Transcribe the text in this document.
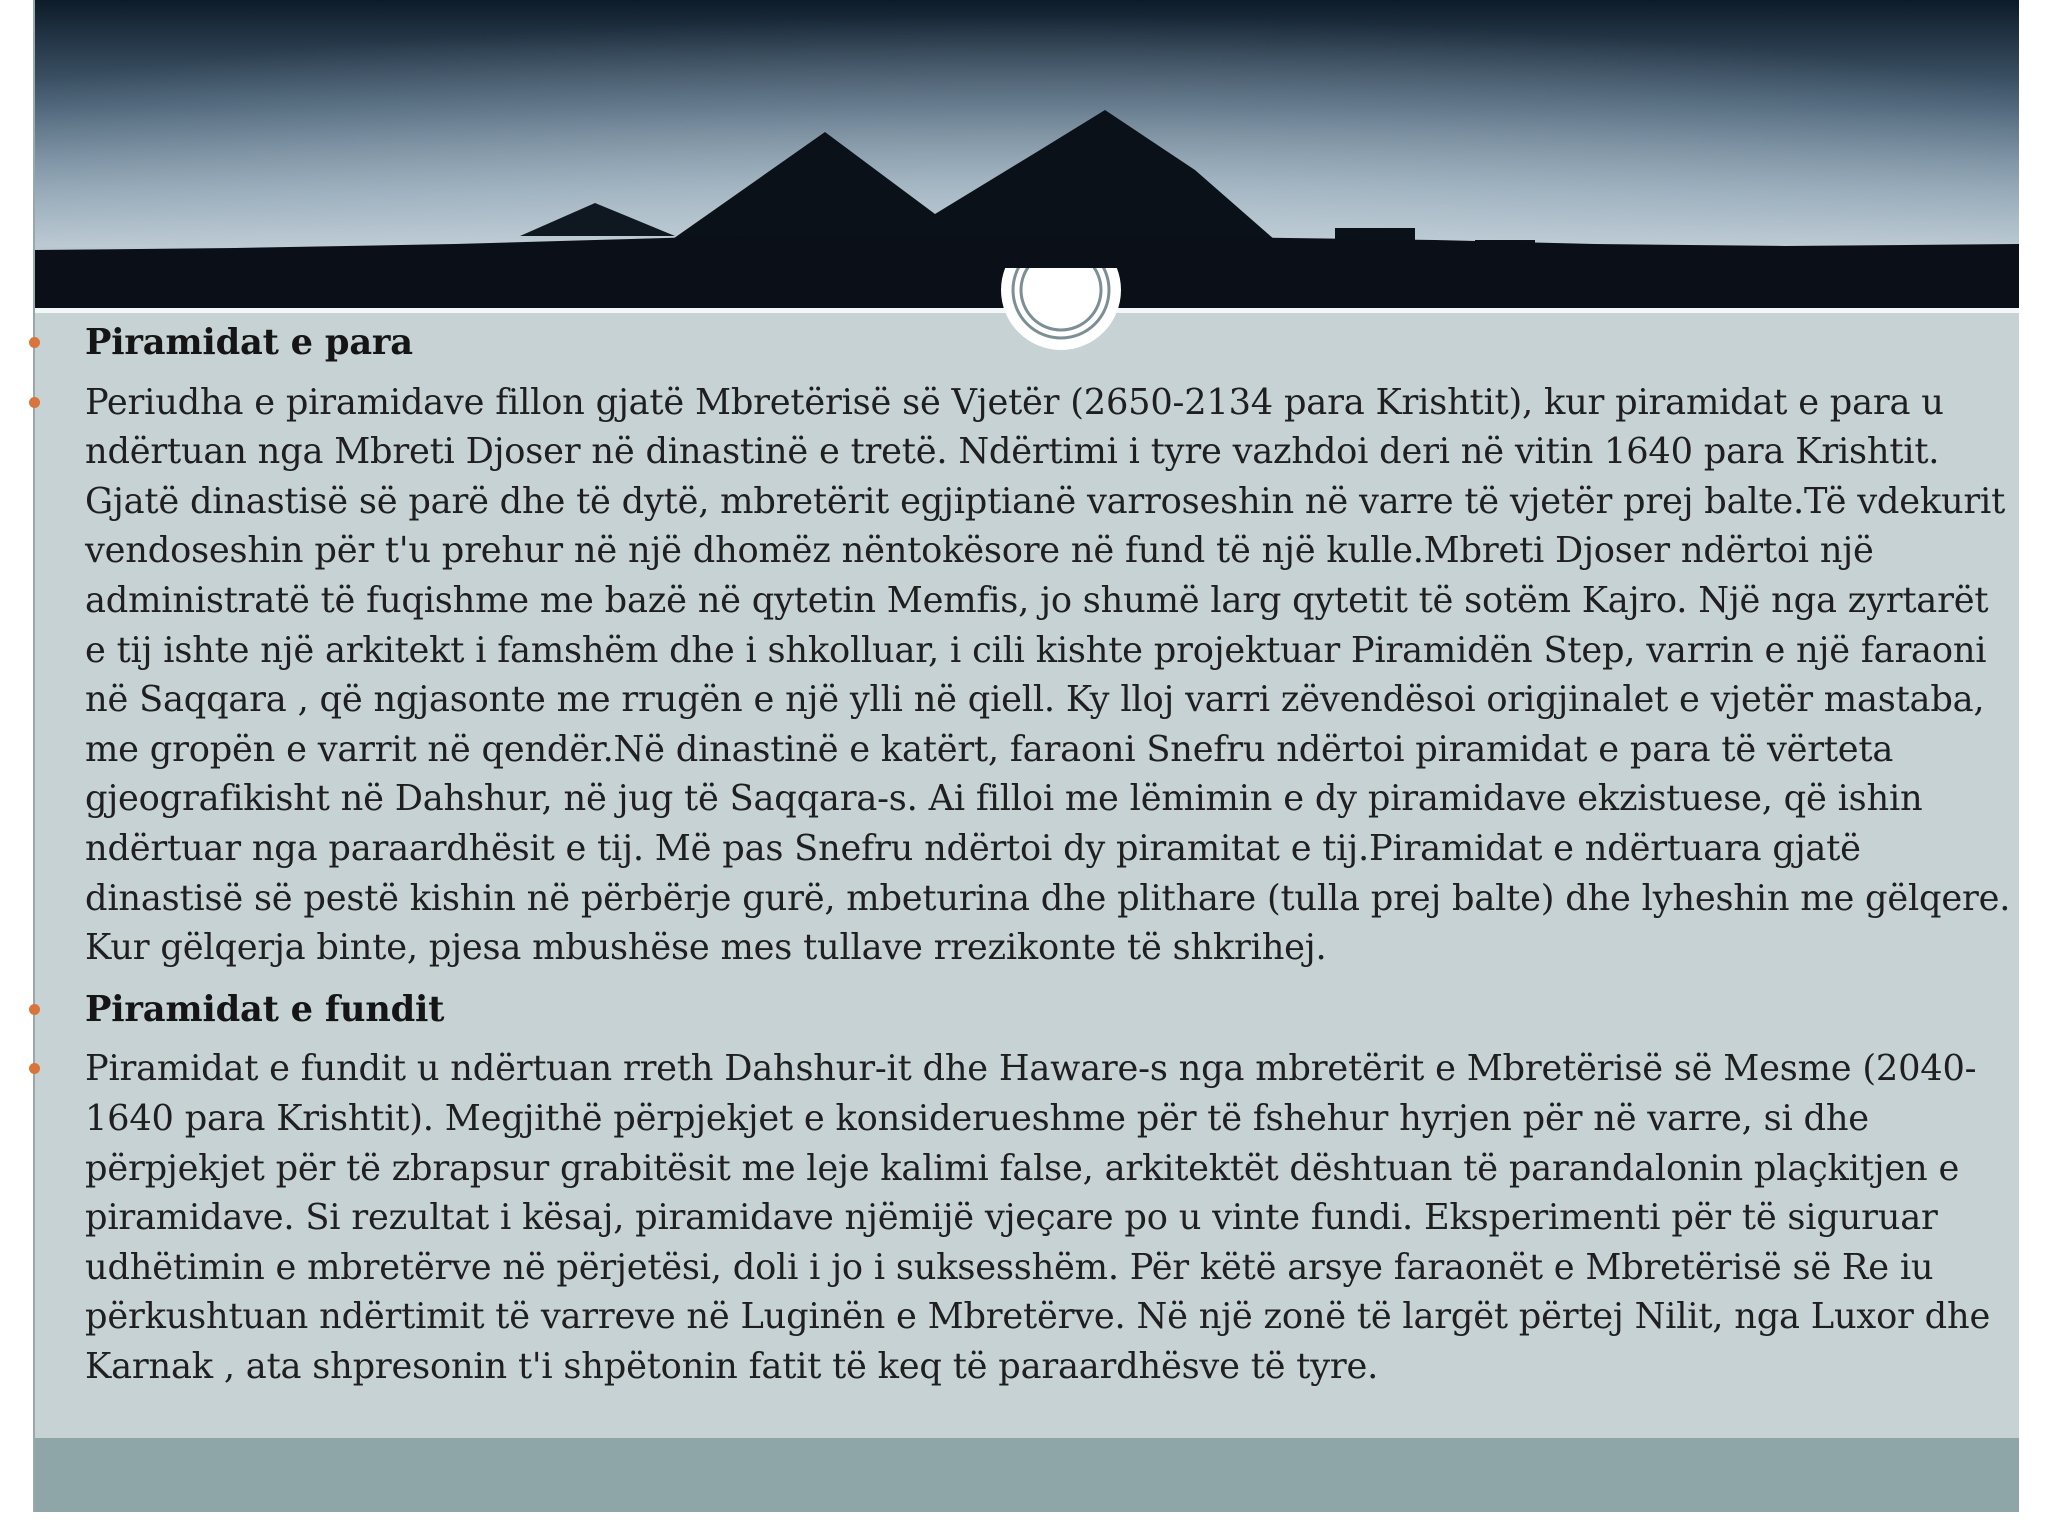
Piramidat e para
Periudha e piramidave fillon gjatë Mbretërisë së Vjetër (2650-2134 para Krishtit), kur piramidat e para u ndërtuan nga Mbreti Djoser në dinastinë e tretë. Ndërtimi i tyre vazhdoi deri në vitin 1640 para Krishtit. Gjatë dinastisë së parë dhe të dytë, mbretërit egjiptianë varroseshin në varre të vjetër prej balte.Të vdekurit vendoseshin për t'u prehur në një dhomëz nëntokësore në fund të një kulle.Mbreti Djoser ndërtoi një administratë të fuqishme me bazë në qytetin Memfis, jo shumë larg qytetit të sotëm Kajro. Një nga zyrtarët e tij ishte një arkitekt i famshëm dhe i shkolluar, i cili kishte projektuar Piramidën Step, varrin e një faraoni në Saqqara , që ngjasonte me rrugën e një ylli në qiell. Ky lloj varri zëvendësoi origjinalet e vjetër mastaba, me gropën e varrit në qendër.Në dinastinë e katërt, faraoni Snefru ndërtoi piramidat e para të vërteta gjeografikisht në Dahshur, në jug të Saqqara-s. Ai filloi me lëmimin e dy piramidave ekzistuese, që ishin ndërtuar nga paraardhësit e tij. Më pas Snefru ndërtoi dy piramitat e tij.Piramidat e ndërtuara gjatë dinastisë së pestë kishin në përbërje gurë, mbeturina dhe plithare (tulla prej balte) dhe lyheshin me gëlqere. Kur gëlqerja binte, pjesa mbushëse mes tullave rrezikonte të shkrihej.
Piramidat e fundit
Piramidat e fundit u ndërtuan rreth Dahshur-it dhe Haware-s nga mbretërit e Mbretërisë së Mesme (2040-1640 para Krishtit). Megjithë përpjekjet e konsiderueshme për të fshehur hyrjen për në varre, si dhe përpjekjet për të zbrapsur grabitësit me leje kalimi false, arkitektët dështuan të parandalonin plaçkitjen e piramidave. Si rezultat i kësaj, piramidave njëmijë vjeçare po u vinte fundi. Eksperimenti për të siguruar udhëtimin e mbretërve në përjetësi, doli i jo i suksesshëm. Për këtë arsye faraonët e Mbretërisë së Re iu përkushtuan ndërtimit të varreve në Luginën e Mbretërve. Në një zonë të largët përtej Nilit, nga Luxor dhe Karnak , ata shpresonin t'i shpëtonin fatit të keq të paraardhësve të tyre.
